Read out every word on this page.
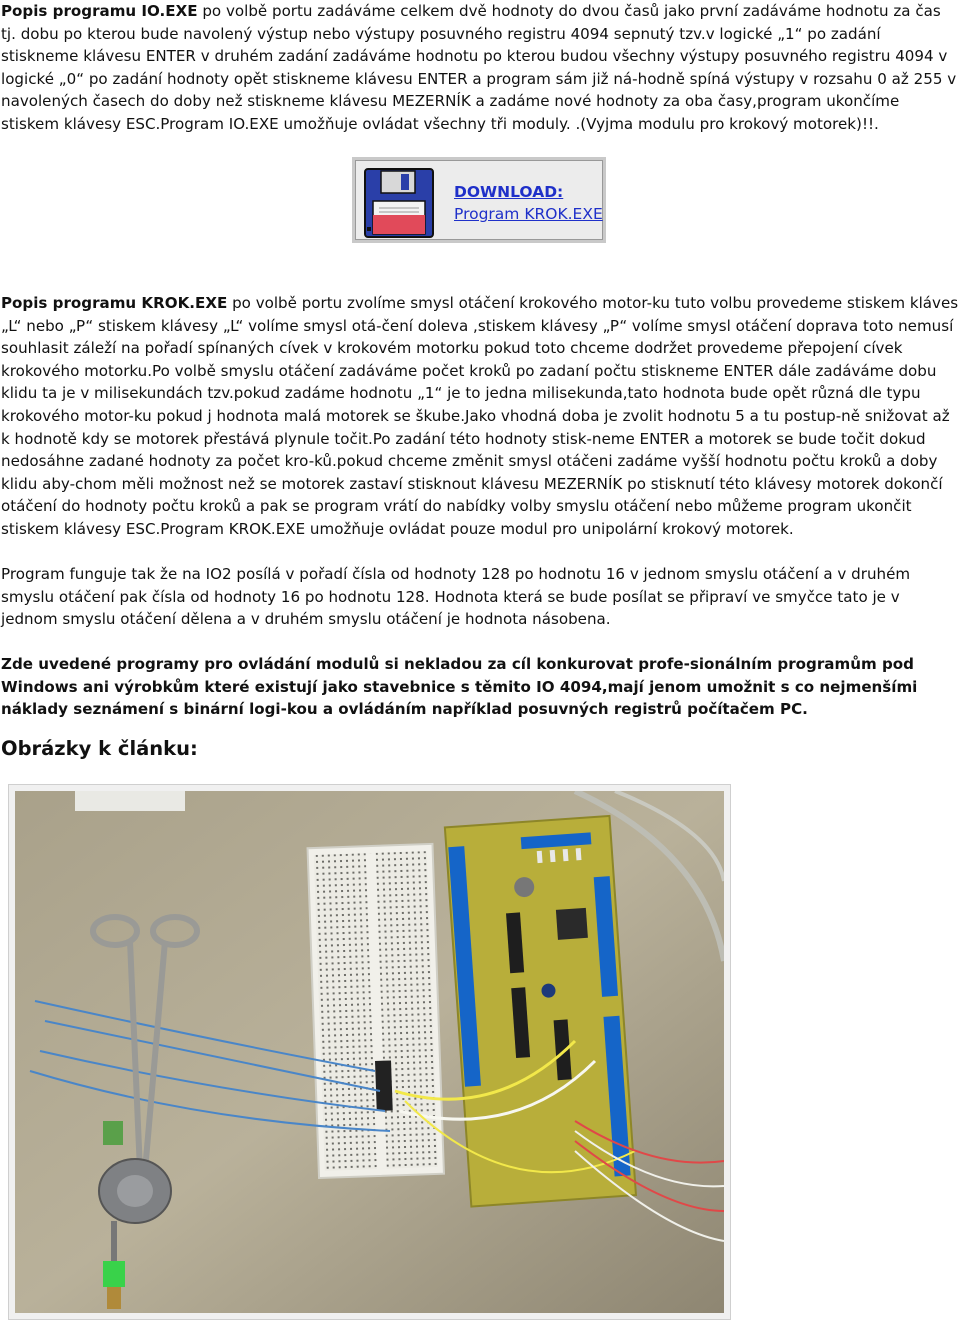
Popis programu IO.EXE po volbě portu zadáváme celkem dvě hodnoty do dvou časů jako první zadáváme hodnotu za čas tj. dobu po kterou bude navolený výstup nebo výstupy posuvného registru 4094 sepnutý tzv.v logické „1“ po zadání stiskneme klávesu ENTER v druhém zadání zadáváme hodnotu po kterou budou všechny výstupy posuvného registru 4094 v logické „0“ po zadání hodnoty opět stiskneme klávesu ENTER a program sám již ná-hodně spíná výstupy v rozsahu 0 až 255 v navolených časech do doby než stiskneme klávesu MEZERNÍK a zadáme nové hodnoty za oba časy,program ukončíme stiskem klávesy ESC.Program IO.EXE umožňuje ovládat všechny tři moduly. .(Vyjma modulu pro krokový motorek)!!.

DOWNLOAD:
Program KROK.EXE

Popis programu KROK.EXE po volbě portu zvolíme smysl otáčení krokového motor-ku tuto volbu provedeme stiskem kláves „L“ nebo „P“ stiskem klávesy „L“ volíme smysl otá-čení doleva ,stiskem klávesy „P“ volíme smysl otáčení doprava toto nemusí souhlasit záleží na pořadí spínaných cívek v krokovém motorku pokud toto chceme dodržet provedeme přepojení cívek krokového motorku.Po volbě smyslu otáčení zadáváme počet kroků po zadaní počtu stiskneme ENTER dále zadáváme dobu klidu ta je v milisekundách tzv.pokud zadáme hodnotu „1“ je to jedna milisekunda,tato hodnota bude opět různá dle typu krokového motor-ku pokud j hodnota malá motorek se škube.Jako vhodná doba je zvolit hodnotu 5 a tu postup-ně snižovat až k hodnotě kdy se motorek přestává plynule točit.Po zadání této hodnoty stisk-neme ENTER a motorek se bude točit dokud nedosáhne zadané hodnoty za počet kro-ků.pokud chceme změnit smysl otáčeni zadáme vyšší hodnotu počtu kroků a doby klidu aby-chom měli možnost než se motorek zastaví stisknout klávesu MEZERNÍK po stisknutí této klávesy motorek dokončí otáčení do hodnoty počtu kroků a pak se program vrátí do nabídky volby smyslu otáčení nebo můžeme program ukončit stiskem klávesy ESC.Program KROK.EXE umožňuje ovládat pouze modul pro unipolární krokový motorek.

Program funguje tak že na IO2 posílá v pořadí čísla od hodnoty 128 po hodnotu 16 v jednom smyslu otáčení a v druhém smyslu otáčení pak čísla od hodnoty 16 po hodnotu 128. Hodnota která se bude posílat se připraví ve smyčce tato je v jednom smyslu otáčení dělena a v druhém smyslu otáčení je hodnota násobena.

Zde uvedené programy pro ovládání modulů si nekladou za cíl konkurovat profe-sionálním programům pod Windows ani výrobkům které existují jako stavebnice s těmito IO 4094,mají jenom umožnit s co nejmenšími náklady seznámení s binární logi-kou a ovládáním například posuvných registrů počítačem PC.

Obrázky k článku:
